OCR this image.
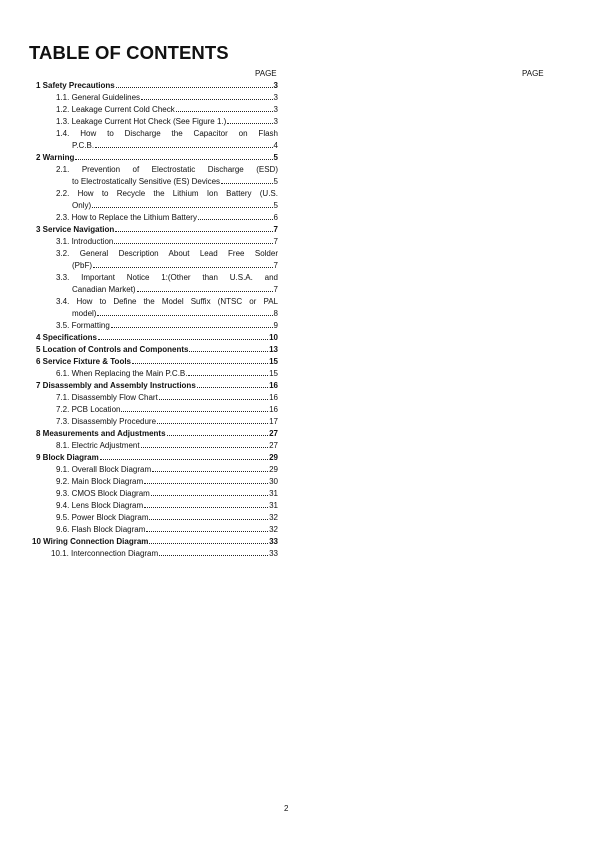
TABLE OF CONTENTS
PAGE	PAGE
1 Safety Precautions	3
1.1. General Guidelines	3
1.2. Leakage Current Cold Check	3
1.3. Leakage Current Hot Check (See Figure 1.)	3
1.4. How to Discharge the Capacitor on Flash
P.C.B.	4
2 Warning	5
2.1. Prevention of Electrostatic Discharge (ESD)
to Electrostatically Sensitive (ES) Devices	5
2.2. How to Recycle the Lithium Ion Battery (U.S.
Only)	5
2.3. How to Replace the Lithium Battery	6
3 Service Navigation	7
3.1. Introduction	7
3.2. General Description About Lead Free Solder
(PbF)	7
3.3. Important Notice 1:(Other than U.S.A. and
Canadian Market)	7
3.4. How to Define the Model Suffix (NTSC or PAL
model)	8
3.5. Formatting	9
4 Specifications	10
5 Location of Controls and Components	13
6 Service Fixture & Tools	15
6.1. When Replacing the Main P.C.B.	15
7 Disassembly and Assembly Instructions	16
7.1. Disassembly Flow Chart	16
7.2. PCB Location	16
7.3. Disassembly Procedure	17
8 Measurements and Adjustments	27
8.1. Electric Adjustment	27
9 Block Diagram	29
9.1. Overall Block Diagram	29
9.2. Main Block Diagram	30
9.3. CMOS Block Diagram	31
9.4. Lens Block Diagram	31
9.5. Power Block Diagram	32
9.6. Flash Block Diagram	32
10 Wiring Connection Diagram	33
10.1. Interconnection Diagram	33
2
